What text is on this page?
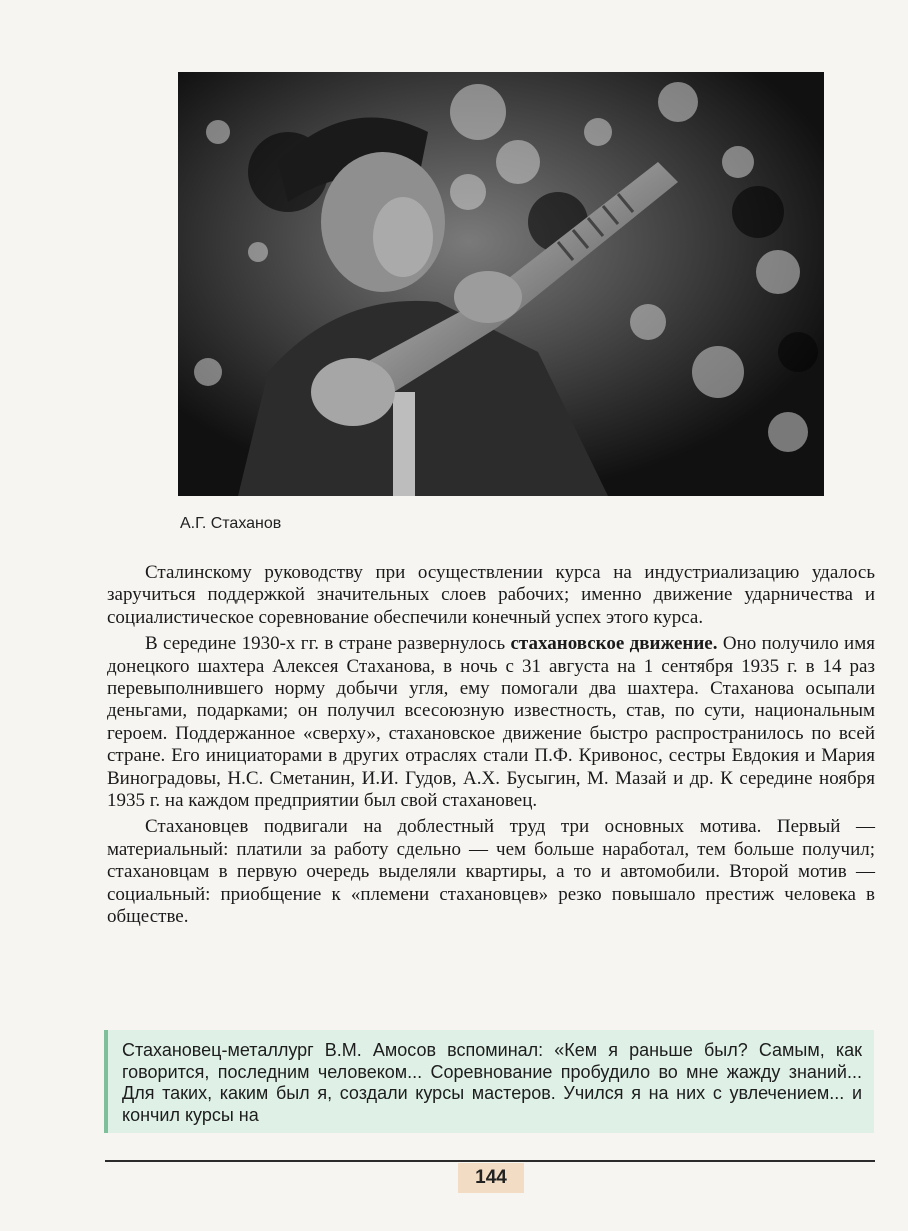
А.Г. Стаханов

Сталинскому руководству при осуществлении курса на индустриализацию удалось заручиться поддержкой значительных слоев рабочих; именно движение ударничества и социалистическое соревнование обеспечили конечный успех этого курса.

В середине 1930-х гг. в стране развернулось стахановское движение. Оно получило имя донецкого шахтера Алексея Стаханова, в ночь с 31 августа на 1 сентября 1935 г. в 14 раз перевыполнившего норму добычи угля, ему помогали два шахтера. Стаханова осыпали деньгами, подарками; он получил всесоюзную известность, став, по сути, национальным героем. Поддержанное «сверху», стахановское движение быстро распространилось по всей стране. Его инициаторами в других отраслях стали П.Ф. Кривонос, сестры Евдокия и Мария Виноградовы, Н.С. Сметанин, И.И. Гудов, А.Х. Бусыгин, М. Мазай и др. К середине ноября 1935 г. на каждом предприятии был свой стахановец.

Стахановцев подвигали на доблестный труд три основных мотива. Первый — материальный: платили за работу сдельно — чем больше наработал, тем больше получил; стахановцам в первую очередь выделяли квартиры, а то и автомобили. Второй мотив — социальный: приобщение к «племени стахановцев» резко повышало престиж человека в обществе.

Стахановец-металлург В.М. Амосов вспоминал: «Кем я раньше был? Самым, как говорится, последним человеком... Соревнование пробудило во мне жажду знаний... Для таких, каким был я, создали курсы мастеров. Учился я на них с увлечением... и кончил курсы на
144
